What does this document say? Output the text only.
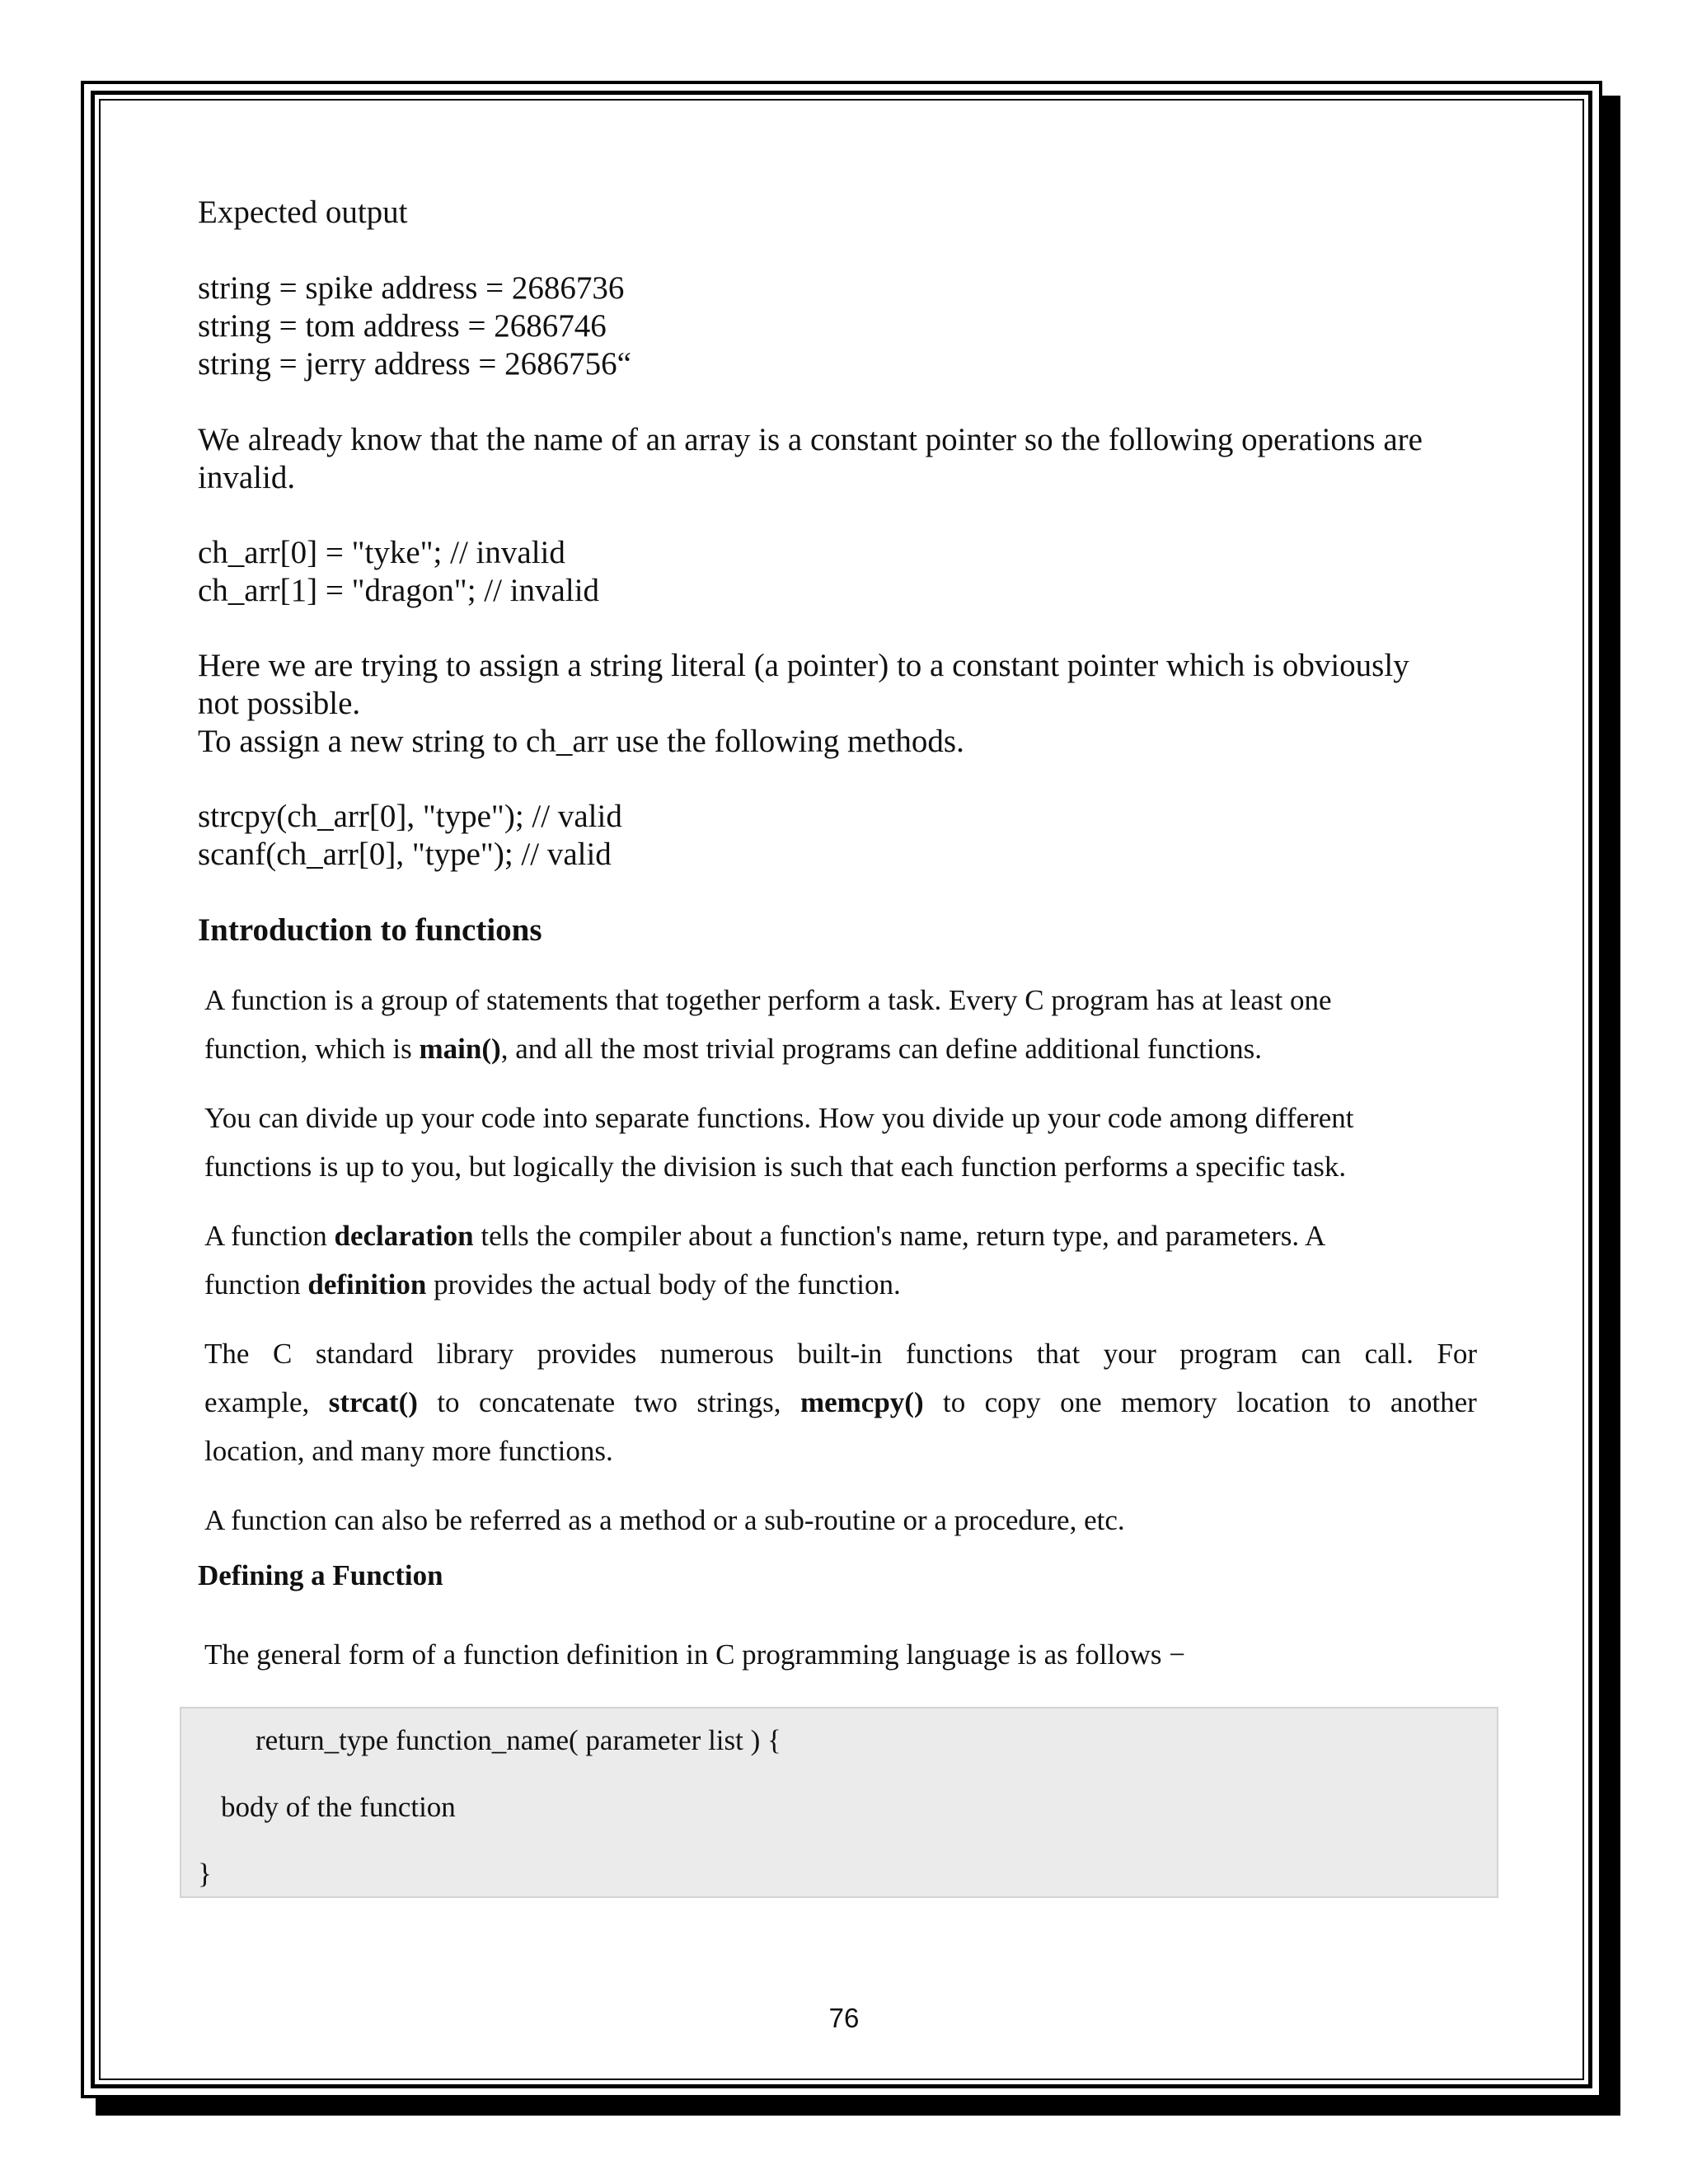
Expected output
string = spike address = 2686736
string = tom address = 2686746
string = jerry address = 2686756“
We already know that the name of an array is a constant pointer so the following operations are
invalid.
ch_arr[0] = "tyke"; // invalid
ch_arr[1] = "dragon"; // invalid
Here we are trying to assign a string literal (a pointer) to a constant pointer which is obviously
not possible.
To assign a new string to ch_arr use the following methods.
strcpy(ch_arr[0], "type"); // valid
scanf(ch_arr[0], "type"); // valid
Introduction to functions
A function is a group of statements that together perform a task. Every C program has at least one
function, which is main(), and all the most trivial programs can define additional functions.
You can divide up your code into separate functions. How you divide up your code among different
functions is up to you, but logically the division is such that each function performs a specific task.
A function declaration tells the compiler about a function's name, return type, and parameters. A
function definition provides the actual body of the function.
The C standard library provides numerous built-in functions that your program can call. For
example, strcat() to concatenate two strings, memcpy() to copy one memory location to another
location, and many more functions.
A function can also be referred as a method or a sub-routine or a procedure, etc.
Defining a Function
The general form of a function definition in C programming language is as follows −
return_type function_name( parameter list ) {
body of the function
}
76
